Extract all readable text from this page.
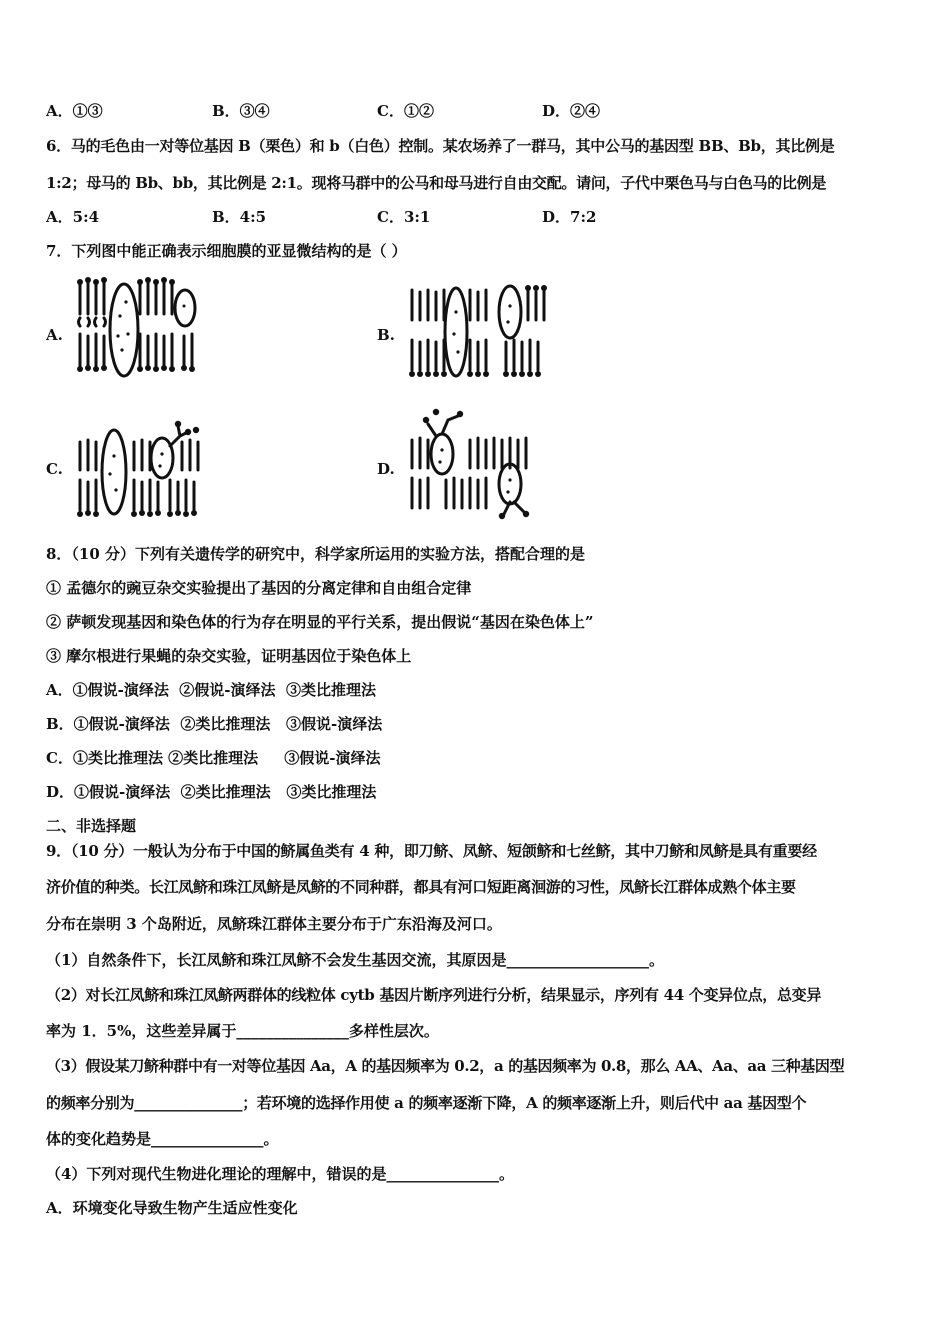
A．①③	B．③④	C．①②	D．②④
6．马的毛色由一对等位基因 B（栗色）和 b（白色）控制。某农场养了一群马，其中公马的基因型 BB、Bb，其比例是
1:2；母马的 Bb、bb，其比例是 2:1。现将马群中的公马和母马进行自由交配。请问，子代中栗色马与白色马的比例是
A．5:4	B．4:5	C．3:1	D．7:2
7．下列图中能正确表示细胞膜的亚显微结构的是（ ）
A.	B.
C.	D.
8．（10 分）下列有关遗传学的研究中，科学家所运用的实验方法，搭配合理的是
① 孟德尔的豌豆杂交实验提出了基因的分离定律和自由组合定律
② 萨顿发现基因和染色体的行为存在明显的平行关系，提出假说“基因在染色体上”
③ 摩尔根进行果蝇的杂交实验，证明基因位于染色体上
A．①假说-演绎法  ②假说-演绎法  ③类比推理法
B．①假说-演绎法  ②类比推理法   ③假说-演绎法
C．①类比推理法 ②类比推理法     ③假说-演绎法
D．①假说-演绎法  ②类比推理法   ③类比推理法
二、非选择题
9．（10 分）一般认为分布于中国的鲚属鱼类有 4 种，即刀鲚、凤鲚、短颌鲚和七丝鲚，其中刀鲚和凤鲚是具有重要经
济价值的种类。长江凤鲚和珠江凤鲚是凤鲚的不同种群，都具有河口短距离洄游的习性，凤鲚长江群体成熟个体主要
分布在崇明 3 个岛附近，凤鲚珠江群体主要分布于广东沿海及河口。
（1）自然条件下，长江凤鲚和珠江凤鲚不会发生基因交流，其原因是___________________。
（2）对长江凤鲚和珠江凤鲚两群体的线粒体 cytb 基因片断序列进行分析，结果显示，序列有 44 个变异位点，总变异
率为 1．5%，这些差异属于_______________多样性层次。
（3）假设某刀鲚种群中有一对等位基因 Aa，A 的基因频率为 0.2，a 的基因频率为 0.8，那么 AA、Aa、aa 三种基因型
的频率分别为_______________；若环境的选择作用使 a 的频率逐渐下降，A 的频率逐渐上升，则后代中 aa 基因型个
体的变化趋势是_______________。
（4）下列对现代生物进化理论的理解中，错误的是_______________。
A．环境变化导致生物产生适应性变化
